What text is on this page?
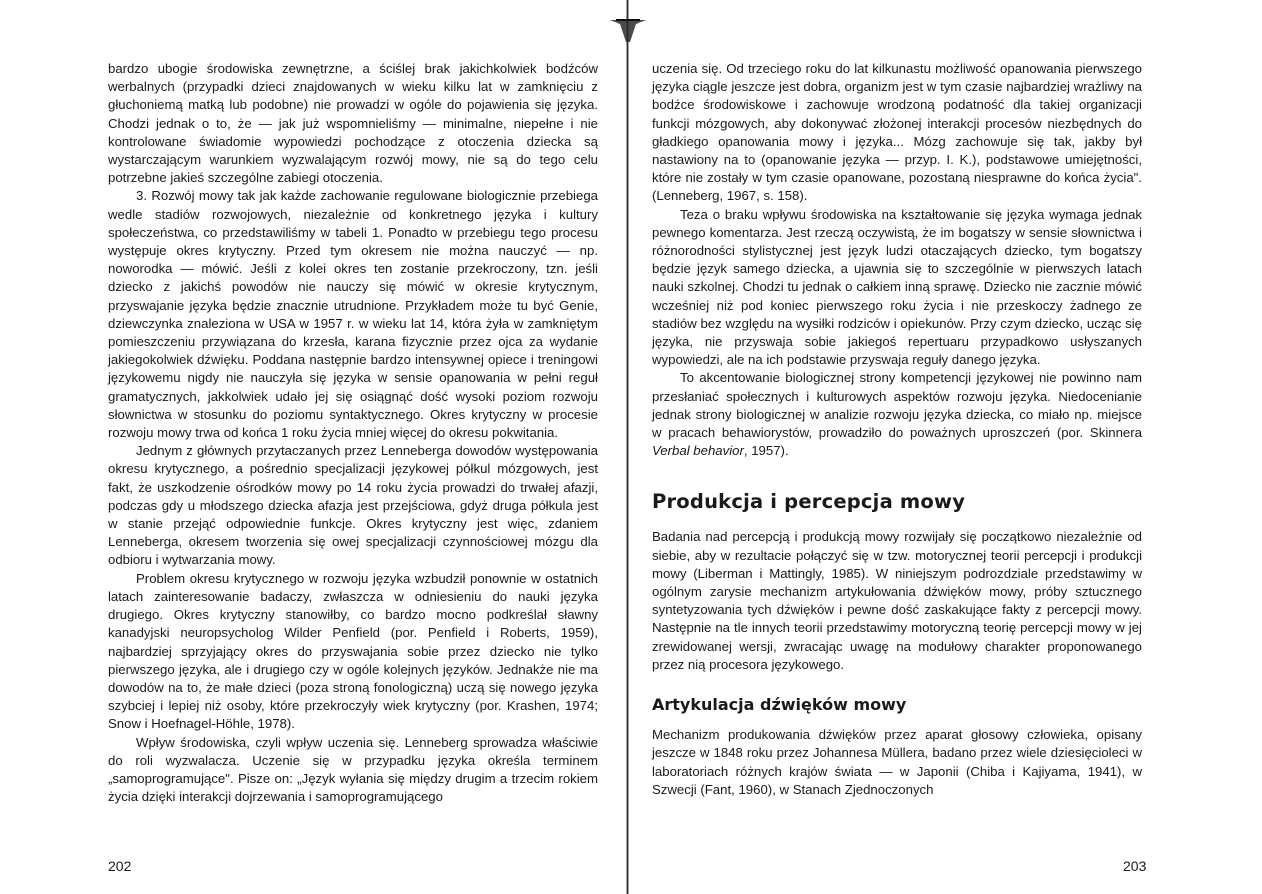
bardzo ubogie środowiska zewnętrzne, a ściślej brak jakichkolwiek bodźców werbalnych (przypadki dzieci znajdowanych w wieku kilku lat w zamknięciu z głuchoniemą matką lub podobne) nie prowadzi w ogóle do pojawienia się języka. Chodzi jednak o to, że — jak już wspomnieliśmy — minimalne, niepełne i nie kontrolowane świadomie wypowiedzi pochodzące z otoczenia dziecka są wystarczającym warunkiem wyzwalającym rozwój mowy, nie są do tego celu potrzebne jakieś szczególne zabiegi otoczenia.

3. Rozwój mowy tak jak każde zachowanie regulowane biologicznie przebiega wedle stadiów rozwojowych, niezależnie od konkretnego języka i kultury społeczeństwa, co przedstawiliśmy w tabeli 1. Ponadto w przebiegu tego procesu występuje okres krytyczny. Przed tym okresem nie można nauczyć — np. noworodka — mówić. Jeśli z kolei okres ten zostanie przekroczony, tzn. jeśli dziecko z jakichś powodów nie nauczy się mówić w okresie krytycznym, przyswajanie języka będzie znacznie utrudnione. Przykładem może tu być Genie, dziewczynka znaleziona w USA w 1957 r. w wieku lat 14, która żyła w zamkniętym pomieszczeniu przywiązana do krzesła, karana fizycznie przez ojca za wydanie jakiegokolwiek dźwięku. Poddana następnie bardzo intensywnej opiece i treningowi językowemu nigdy nie nauczyła się języka w sensie opanowania w pełni reguł gramatycznych, jakkolwiek udało jej się osiągnąć dość wysoki poziom rozwoju słownictwa w stosunku do poziomu syntaktycznego. Okres krytyczny w procesie rozwoju mowy trwa od końca 1 roku życia mniej więcej do okresu pokwitania.

Jednym z głównych przytaczanych przez Lenneberga dowodów występowania okresu krytycznego, a pośrednio specjalizacji językowej półkul mózgowych, jest fakt, że uszkodzenie ośrodków mowy po 14 roku życia prowadzi do trwałej afazji, podczas gdy u młodszego dziecka afazja jest przejściowa, gdyż druga półkula jest w stanie przejąć odpowiednie funkcje. Okres krytyczny jest więc, zdaniem Lenneberga, okresem tworzenia się owej specjalizacji czynnościowej mózgu dla odbioru i wytwarzania mowy.

Problem okresu krytycznego w rozwoju języka wzbudził ponownie w ostatnich latach zainteresowanie badaczy, zwłaszcza w odniesieniu do nauki języka drugiego. Okres krytyczny stanowiłby, co bardzo mocno podkreślał sławny kanadyjski neuropsycholog Wilder Penfield (por. Penfield i Roberts, 1959), najbardziej sprzyjający okres do przyswajania sobie przez dziecko nie tylko pierwszego języka, ale i drugiego czy w ogóle kolejnych języków. Jednakże nie ma dowodów na to, że małe dzieci (poza stroną fonologiczną) uczą się nowego języka szybciej i lepiej niż osoby, które przekroczyły wiek krytyczny (por. Krashen, 1974; Snow i Hoefnagel-Höhle, 1978).

Wpływ środowiska, czyli wpływ uczenia się. Lenneberg sprowadza właściwie do roli wyzwalacza. Uczenie się w przypadku języka określa terminem „samoprogramujące". Pisze on: „Język wyłania się między drugim a trzecim rokiem życia dzięki interakcji dojrzewania i samoprogramującego

202

uczenia się. Od trzeciego roku do lat kilkunastu możliwość opanowania pierwszego języka ciągle jeszcze jest dobra, organizm jest w tym czasie najbardziej wrażliwy na bodźce środowiskowe i zachowuje wrodzoną podatność dla takiej organizacji funkcji mózgowych, aby dokonywać złożonej interakcji procesów niezbędnych do gładkiego opanowania mowy i języka... Mózg zachowuje się tak, jakby był nastawiony na to (opanowanie języka — przyp. I. K.), podstawowe umiejętności, które nie zostały w tym czasie opanowane, pozostaną niesprawne do końca życia". (Lenneberg, 1967, s. 158).

Teza o braku wpływu środowiska na kształtowanie się języka wymaga jednak pewnego komentarza. Jest rzeczą oczywistą, że im bogatszy w sensie słownictwa i różnorodności stylistycznej jest język ludzi otaczających dziecko, tym bogatszy będzie język samego dziecka, a ujawnia się to szczególnie w pierwszych latach nauki szkolnej. Chodzi tu jednak o całkiem inną sprawę. Dziecko nie zacznie mówić wcześniej niż pod koniec pierwszego roku życia i nie przeskoczy żadnego ze stadiów bez względu na wysiłki rodziców i opiekunów. Przy czym dziecko, ucząc się języka, nie przyswaja sobie jakiegoś repertuaru przypadkowo usłyszanych wypowiedzi, ale na ich podstawie przyswaja reguły danego języka.

To akcentowanie biologicznej strony kompetencji językowej nie powinno nam przesłaniać społecznych i kulturowych aspektów rozwoju języka. Niedocenianie jednak strony biologicznej w analizie rozwoju języka dziecka, co miało np. miejsce w pracach behawiorystów, prowadziło do poważnych uproszczeń (por. Skinnera Verbal behavior, 1957).

Produkcja i percepcja mowy

Badania nad percepcją i produkcją mowy rozwijały się początkowo niezależnie od siebie, aby w rezultacie połączyć się w tzw. motorycznej teorii percepcji i produkcji mowy (Liberman i Mattingly, 1985). W niniejszym podrozdziale przedstawimy w ogólnym zarysie mechanizm artykułowania dźwięków mowy, próby sztucznego syntetyzowania tych dźwięków i pewne dość zaskakujące fakty z percepcji mowy. Następnie na tle innych teorii przedstawimy motoryczną teorię percepcji mowy w jej zrewidowanej wersji, zwracając uwagę na modułowy charakter proponowanego przez nią procesora językowego.

Artykulacja dźwięków mowy

Mechanizm produkowania dźwięków przez aparat głosowy człowieka, opisany jeszcze w 1848 roku przez Johannesa Müllera, badano przez wiele dziesięcioleci w laboratoriach różnych krajów świata — w Japonii (Chiba i Kajiyama, 1941), w Szwecji (Fant, 1960), w Stanach Zjednoczonych

203
